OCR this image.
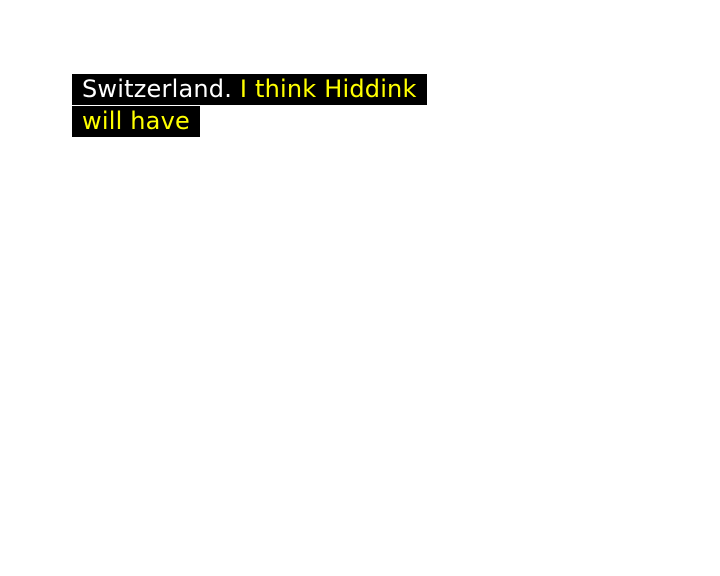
Switzerland. I think Hiddink
will have
